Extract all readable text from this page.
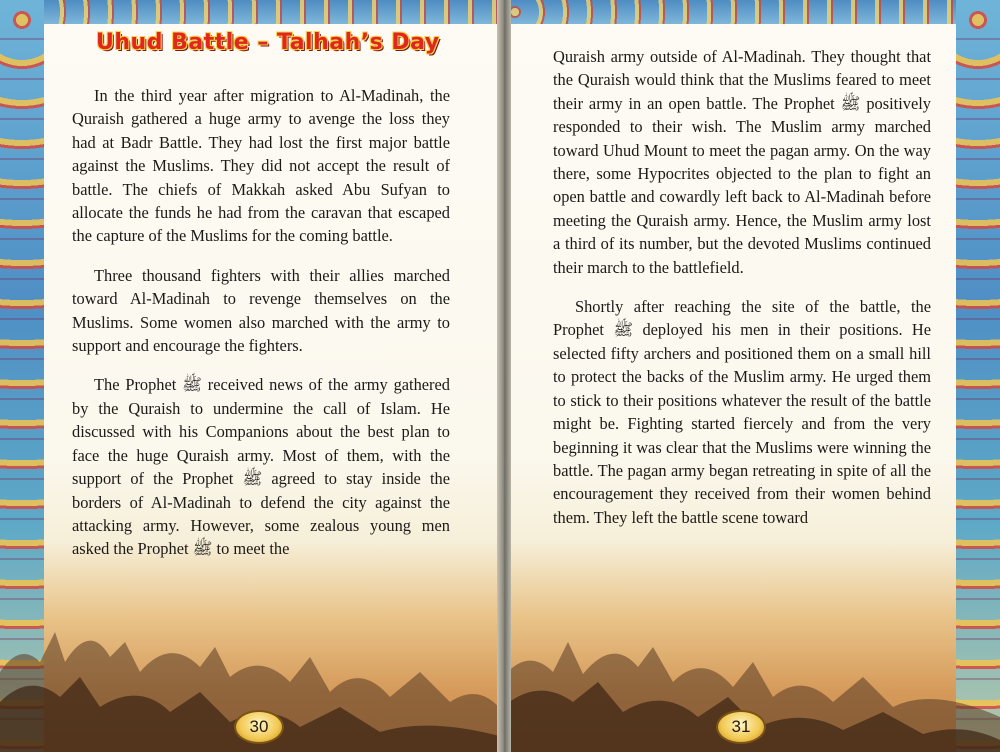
Uhud Battle – Talhah’s Day

In the third year after migration to Al-Madinah, the Quraish gathered a huge army to avenge the loss they had at Badr Battle. They had lost the first major battle against the Muslims. They did not accept the result of battle. The chiefs of Makkah asked Abu Sufyan to allocate the funds he had from the caravan that escaped the capture of the Muslims for the coming battle.

Three thousand fighters with their allies marched toward Al-Madinah to revenge themselves on the Muslims. Some women also marched with the army to support and encourage the fighters.

The Prophet ﷺ received news of the army gathered by the Quraish to undermine the call of Islam. He discussed with his Companions about the best plan to face the huge Quraish army. Most of them, with the support of the Prophet ﷺ agreed to stay inside the borders of Al-Madinah to defend the city against the attacking army. However, some zealous young men asked the Prophet ﷺ to meet the

30

Quraish army outside of Al-Madinah. They thought that the Quraish would think that the Muslims feared to meet their army in an open battle. The Prophet ﷺ positively responded to their wish. The Muslim army marched toward Uhud Mount to meet the pagan army. On the way there, some Hypocrites objected to the plan to fight an open battle and cowardly left back to Al-Madinah before meeting the Quraish army. Hence, the Muslim army lost a third of its number, but the devoted Muslims continued their march to the battlefield.

Shortly after reaching the site of the battle, the Prophet ﷺ deployed his men in their positions. He selected fifty archers and positioned them on a small hill to protect the backs of the Muslim army. He urged them to stick to their positions whatever the result of the battle might be. Fighting started fiercely and from the very beginning it was clear that the Muslims were winning the battle. The pagan army began retreating in spite of all the encouragement they received from their women behind them. They left the battle scene toward

31
